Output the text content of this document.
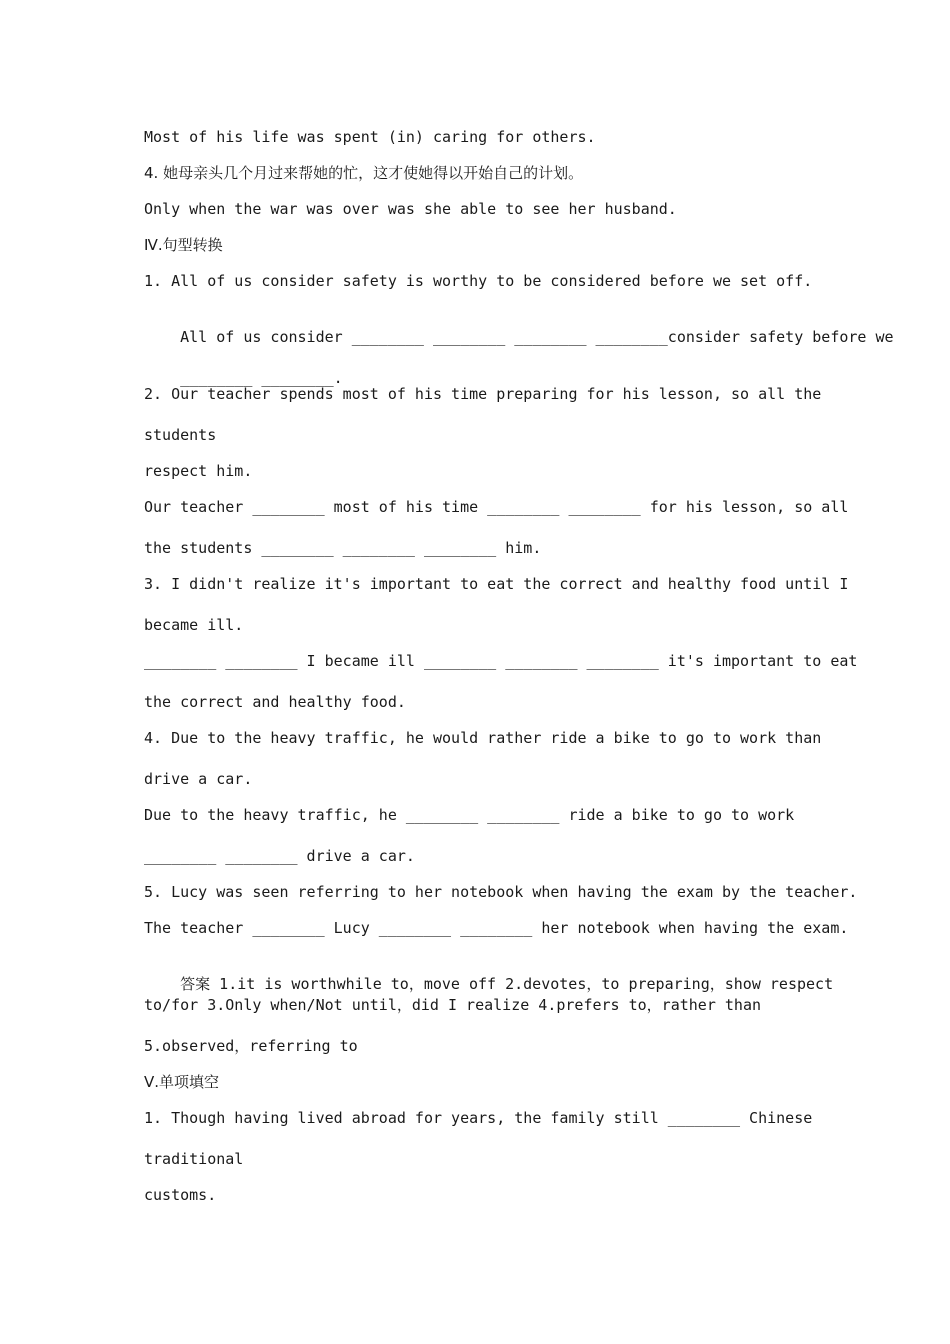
Most of his life was spent (in) caring for others.
4. 她母亲头几个月过来帮她的忙，这才使她得以开始自己的计划。
Only when the war was over was she able to see her husband.
Ⅳ.句型转换
1. All of us consider safety is worthy to be considered before we set off.

All of us consider ________ ________ ________ ________consider safety before we

________ ________.

2. Our teacher spends most of his time preparing for his lesson, so all the
students
respect him.
Our teacher ________ most of his time ________ ________ for his lesson, so all
the students ________ ________ ________ him.
3. I didn't realize it's important to eat the correct and healthy food until I
became ill.
________ ________ I became ill ________ ________ ________ it's important to eat
the correct and healthy food.
4. Due to the heavy traffic, he would rather ride a bike to go to work than
drive a car.
Due to the heavy traffic, he ________ ________ ride a bike to go to work
________ ________ drive a car.
5. Lucy was seen referring to her notebook when having the exam by the teacher.
The teacher ________ Lucy ________ ________ her notebook when having the exam.

答案 1.it is worthwhile to，move off 2.devotes，to preparing，show respect

to/for 3.Only when/Not until，did I realize 4.prefers to，rather than
5.observed，referring to
Ⅴ.单项填空
1. Though having lived abroad for years, the family still ________ Chinese
traditional
customs.
